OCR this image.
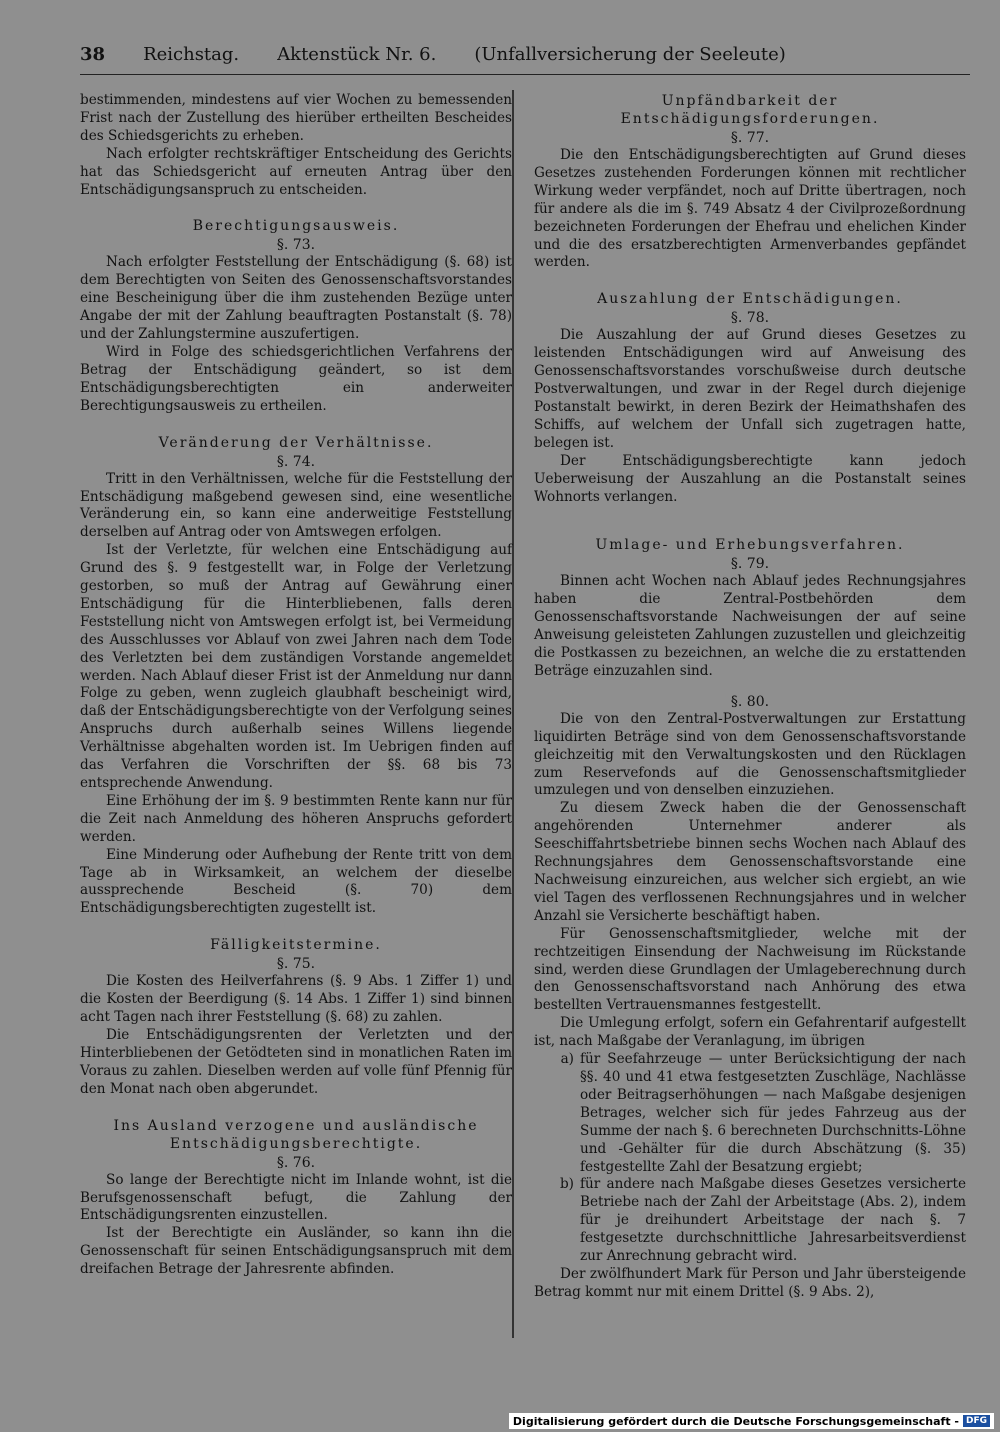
38 Reichstag. Aktenstück Nr. 6. (Unfallversicherung der Seeleute)

bestimmenden, mindestens auf vier Wochen zu bemessenden Frist nach der Zustellung des hierüber ertheilten Bescheides des Schiedsgerichts zu erheben.

Nach erfolgter rechtskräftiger Entscheidung des Gerichts hat das Schiedsgericht auf erneuten Antrag über den Entschädigungsanspruch zu entscheiden.

Berechtigungsausweis.
§. 73.

Nach erfolgter Feststellung der Entschädigung (§. 68) ist dem Berechtigten von Seiten des Genossenschaftsvorstandes eine Bescheinigung über die ihm zustehenden Bezüge unter Angabe der mit der Zahlung beauftragten Postanstalt (§. 78) und der Zahlungstermine auszufertigen.

Wird in Folge des schiedsgerichtlichen Verfahrens der Betrag der Entschädigung geändert, so ist dem Entschädigungsberechtigten ein anderweiter Berechtigungsausweis zu ertheilen.

Veränderung der Verhältnisse.
§. 74.

Tritt in den Verhältnissen, welche für die Feststellung der Entschädigung maßgebend gewesen sind, eine wesentliche Veränderung ein, so kann eine anderweitige Feststellung derselben auf Antrag oder von Amtswegen erfolgen.

Ist der Verletzte, für welchen eine Entschädigung auf Grund des §. 9 festgestellt war, in Folge der Verletzung gestorben, so muß der Antrag auf Gewährung einer Entschädigung für die Hinterbliebenen, falls deren Feststellung nicht von Amtswegen erfolgt ist, bei Vermeidung des Ausschlusses vor Ablauf von zwei Jahren nach dem Tode des Verletzten bei dem zuständigen Vorstande angemeldet werden. Nach Ablauf dieser Frist ist der Anmeldung nur dann Folge zu geben, wenn zugleich glaubhaft bescheinigt wird, daß der Entschädigungsberechtigte von der Verfolgung seines Anspruchs durch außerhalb seines Willens liegende Verhältnisse abgehalten worden ist. Im Uebrigen finden auf das Verfahren die Vorschriften der §§. 68 bis 73 entsprechende Anwendung.

Eine Erhöhung der im §. 9 bestimmten Rente kann nur für die Zeit nach Anmeldung des höheren Anspruchs gefordert werden.

Eine Minderung oder Aufhebung der Rente tritt von dem Tage ab in Wirksamkeit, an welchem der dieselbe aussprechende Bescheid (§. 70) dem Entschädigungsberechtigten zugestellt ist.

Fälligkeitstermine.
§. 75.

Die Kosten des Heilverfahrens (§. 9 Abs. 1 Ziffer 1) und die Kosten der Beerdigung (§. 14 Abs. 1 Ziffer 1) sind binnen acht Tagen nach ihrer Feststellung (§. 68) zu zahlen.

Die Entschädigungsrenten der Verletzten und der Hinterbliebenen der Getödteten sind in monatlichen Raten im Voraus zu zahlen. Dieselben werden auf volle fünf Pfennig für den Monat nach oben abgerundet.

Ins Ausland verzogene und ausländische Entschädigungsberechtigte.
§. 76.

So lange der Berechtigte nicht im Inlande wohnt, ist die Berufsgenossenschaft befugt, die Zahlung der Entschädigungsrenten einzustellen.

Ist der Berechtigte ein Ausländer, so kann ihn die Genossenschaft für seinen Entschädigungsanspruch mit dem dreifachen Betrage der Jahresrente abfinden.

Unpfändbarkeit der Entschädigungsforderungen.
§. 77.

Die den Entschädigungsberechtigten auf Grund dieses Gesetzes zustehenden Forderungen können mit rechtlicher Wirkung weder verpfändet, noch auf Dritte übertragen, noch für andere als die im §. 749 Absatz 4 der Civilprozeßordnung bezeichneten Forderungen der Ehefrau und ehelichen Kinder und die des ersatzberechtigten Armenverbandes gepfändet werden.

Auszahlung der Entschädigungen.
§. 78.

Die Auszahlung der auf Grund dieses Gesetzes zu leistenden Entschädigungen wird auf Anweisung des Genossenschaftsvorstandes vorschußweise durch deutsche Postverwaltungen, und zwar in der Regel durch diejenige Postanstalt bewirkt, in deren Bezirk der Heimathshafen des Schiffs, auf welchem der Unfall sich zugetragen hatte, belegen ist.

Der Entschädigungsberechtigte kann jedoch Ueberweisung der Auszahlung an die Postanstalt seines Wohnorts verlangen.

Umlage- und Erhebungsverfahren.
§. 79.

Binnen acht Wochen nach Ablauf jedes Rechnungsjahres haben die Zentral-Postbehörden dem Genossenschaftsvorstande Nachweisungen der auf seine Anweisung geleisteten Zahlungen zuzustellen und gleichzeitig die Postkassen zu bezeichnen, an welche die zu erstattenden Beträge einzuzahlen sind.

§. 80.

Die von den Zentral-Postverwaltungen zur Erstattung liquidirten Beträge sind von dem Genossenschaftsvorstande gleichzeitig mit den Verwaltungskosten und den Rücklagen zum Reservefonds auf die Genossenschaftsmitglieder umzulegen und von denselben einzuziehen.

Zu diesem Zweck haben die der Genossenschaft angehörenden Unternehmer anderer als Seeschiffahrtsbetriebe binnen sechs Wochen nach Ablauf des Rechnungsjahres dem Genossenschaftsvorstande eine Nachweisung einzureichen, aus welcher sich ergiebt, an wie viel Tagen des verflossenen Rechnungsjahres und in welcher Anzahl sie Versicherte beschäftigt haben.

Für Genossenschaftsmitglieder, welche mit der rechtzeitigen Einsendung der Nachweisung im Rückstande sind, werden diese Grundlagen der Umlageberechnung durch den Genossenschaftsvorstand nach Anhörung des etwa bestellten Vertrauensmannes festgestellt.

Die Umlegung erfolgt, sofern ein Gefahrentarif aufgestellt ist, nach Maßgabe der Veranlagung, im übrigen

a) für Seefahrzeuge — unter Berücksichtigung der nach §§. 40 und 41 etwa festgesetzten Zuschläge, Nachlässe oder Beitragserhöhungen — nach Maßgabe desjenigen Betrages, welcher sich für jedes Fahrzeug aus der Summe der nach §. 6 berechneten Durchschnitts-Löhne und -Gehälter für die durch Abschätzung (§. 35) festgestellte Zahl der Besatzung ergiebt;
b) für andere nach Maßgabe dieses Gesetzes versicherte Betriebe nach der Zahl der Arbeitstage (Abs. 2), indem für je dreihundert Arbeitstage der nach §. 7 festgesetzte durchschnittliche Jahresarbeitsverdienst zur Anrechnung gebracht wird.

Der zwölfhundert Mark für Person und Jahr übersteigende Betrag kommt nur mit einem Drittel (§. 9 Abs. 2),

Digitalisierung gefördert durch die Deutsche Forschungsgemeinschaft - DFG
